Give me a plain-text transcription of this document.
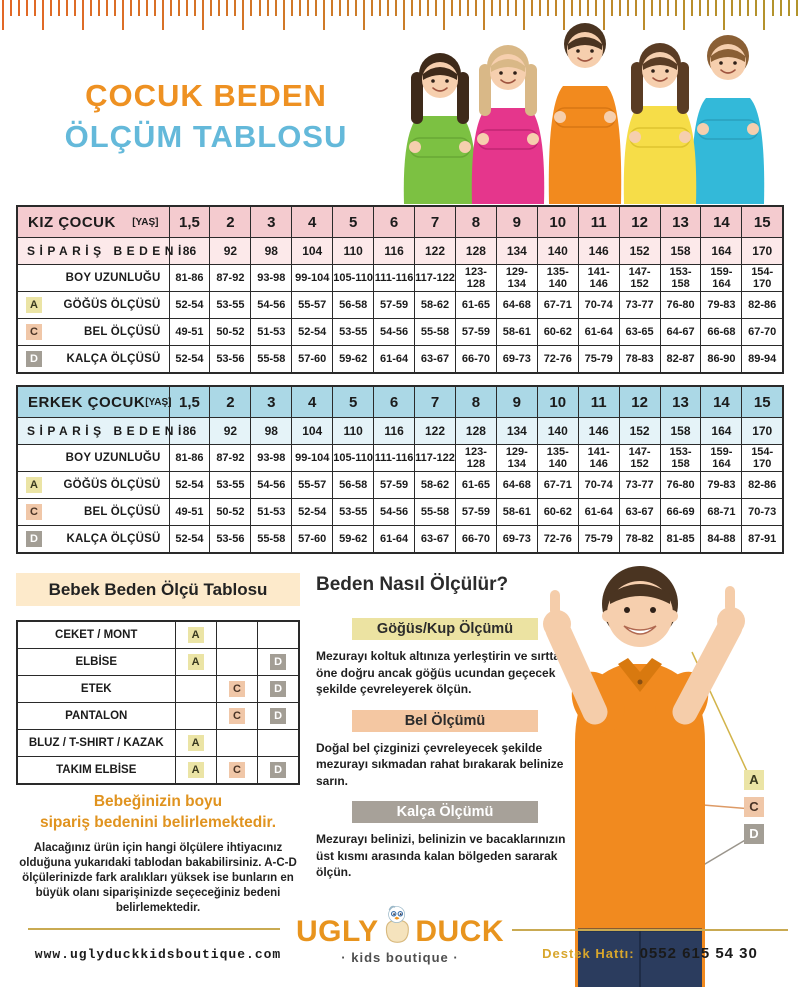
ÇOCUK BEDEN
ÖLÇÜM TABLOSU
KIZ ÇOCUK [YAŞ]	1,5	2	3	4	5	6	7	8	9	10	11	12	13	14	15

SİPARİŞ BEDENİ	86	92	98	104	110	116	122	128	134	140	146	152	158	164	170

BOY UZUNLUĞU	81-86	87-92	93-98	99-104	105-110	111-116	117-122	123-128	129-134	135-140	141-146	147-152	153-158	159-164	154-170

A GÖĞÜS ÖLÇÜSÜ	52-54	53-55	54-56	55-57	56-58	57-59	58-62	61-65	64-68	67-71	70-74	73-77	76-80	79-83	82-86

C BEL ÖLÇÜSÜ	49-51	50-52	51-53	52-54	53-55	54-56	55-58	57-59	58-61	60-62	61-64	63-65	64-67	66-68	67-70

D KALÇA ÖLÇÜSÜ	52-54	53-56	55-58	57-60	59-62	61-64	63-67	66-70	69-73	72-76	75-79	78-83	82-87	86-90	89-94
ERKEK ÇOCUK [YAŞ]	1,5	2	3	4	5	6	7	8	9	10	11	12	13	14	15

SİPARİŞ BEDENİ	86	92	98	104	110	116	122	128	134	140	146	152	158	164	170

BOY UZUNLUĞU	81-86	87-92	93-98	99-104	105-110	111-116	117-122	123-128	129-134	135-140	141-146	147-152	153-158	159-164	154-170

A GÖĞÜS ÖLÇÜSÜ	52-54	53-55	54-56	55-57	56-58	57-59	58-62	61-65	64-68	67-71	70-74	73-77	76-80	79-83	82-86

C BEL ÖLÇÜSÜ	49-51	50-52	51-53	52-54	53-55	54-56	55-58	57-59	58-61	60-62	61-64	63-67	66-69	68-71	70-73

D KALÇA ÖLÇÜSÜ	52-54	53-56	55-58	57-60	59-62	61-64	63-67	66-70	69-73	72-76	75-79	78-82	81-85	84-88	87-91
Bebek Beden Ölçü Tablosu
CEKET / MONT	A		
ELBİSE	A		D
ETEK		C	D
PANTALON		C	D
BLUZ / T-SHIRT / KAZAK	A		
TAKIM ELBİSE	A	C	D
Bebeğinizin boyu
sipariş bedenini belirlemektedir.

Alacağınız ürün için hangi ölçülere ihtiyacınız olduğuna yukarıdaki tablodan bakabilirsiniz. A-C-D ölçülerinizde fark aralıkları yüksek ise bunların en büyük olanı siparişinizde seçeceğiniz bedeni belirlemektedir.

Beden Nasıl Ölçülür?
Göğüs/Kup Ölçümü

Mezurayı koltuk altınıza yerleştirin ve sırttan öne doğru ancak göğüs ucundan geçecek şekilde çevreleyerek ölçün.

Bel Ölçümü

Doğal bel çizginizi çevreleyecek şekilde mezurayı sıkmadan rahat bırakarak belinize sarın.

Kalça Ölçümü

Mezurayı belinizi, belinizin ve bacaklarınızın üst kısmı arasında kalan bölgeden sararak ölçün.

A
C
D
www.uglyduckkidsboutique.com
UGLY DUCK
· kids boutique ·	Destek Hattı: 0552 615 54 30
